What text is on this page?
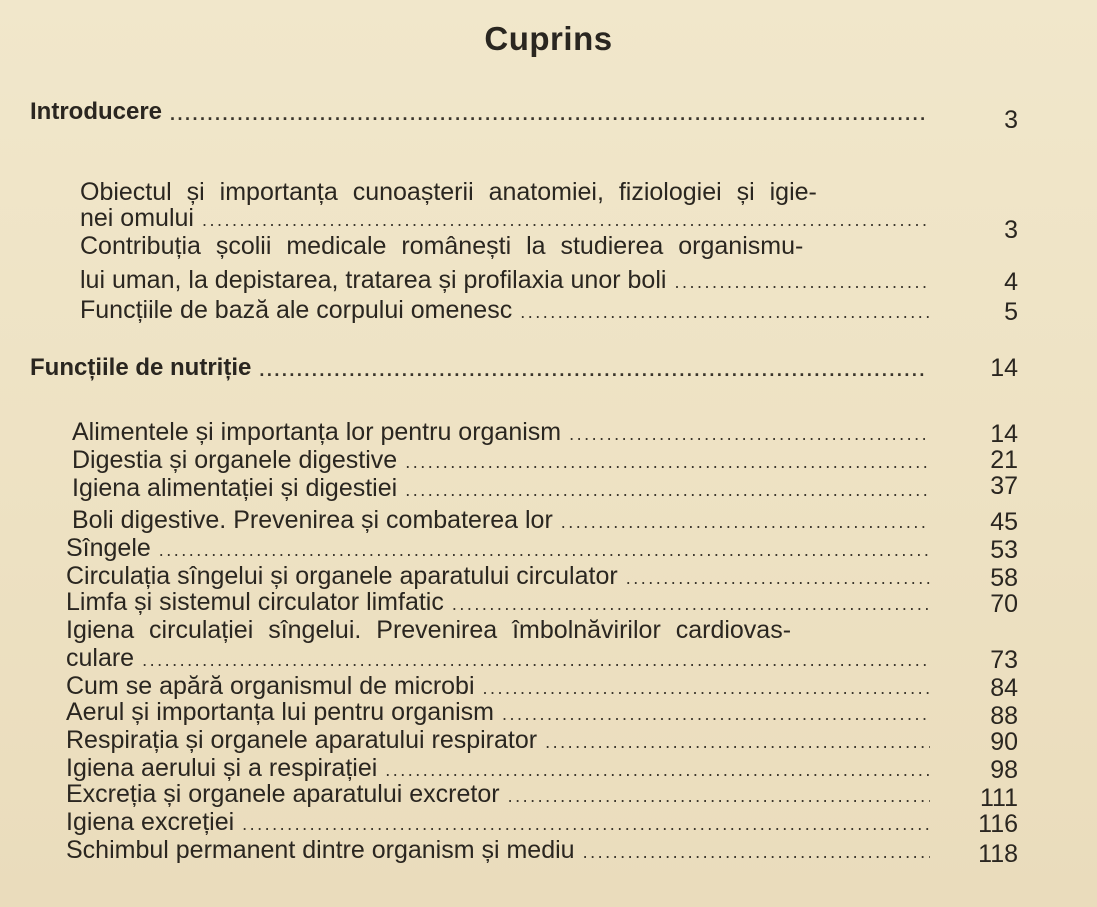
Cuprins
Introducere .....	3
Obiectul și importanța cunoașterii anatomiei, fiziologiei și igie-
nei omului .....	3
Contribuția școlii medicale românești la studierea organismu-
lui uman, la depistarea, tratarea și profilaxia unor boli .....	4
Funcțiile de bază ale corpului omenesc .....	5
Funcțiile de nutriție .....	14
Alimentele și importanța lor pentru organism .....	14
Digestia și organele digestive .....	21
Igiena alimentației și digestiei .....	37
Boli digestive. Prevenirea și combaterea lor .....	45
Sîngele .....	53
Circulația sîngelui și organele aparatului circulator .....	58
Limfa și sistemul circulator limfatic .....	70
Igiena circulației sîngelui. Prevenirea îmbolnăvirilor cardiovas-
culare .....	73
Cum se apără organismul de microbi .....	84
Aerul și importanța lui pentru organism .....	88
Respirația și organele aparatului respirator .....	90
Igiena aerului și a respirației .....	98
Excreția și organele aparatului excretor .....	111
Igiena excreției .....	116
Schimbul permanent dintre organism și mediu .....	118
